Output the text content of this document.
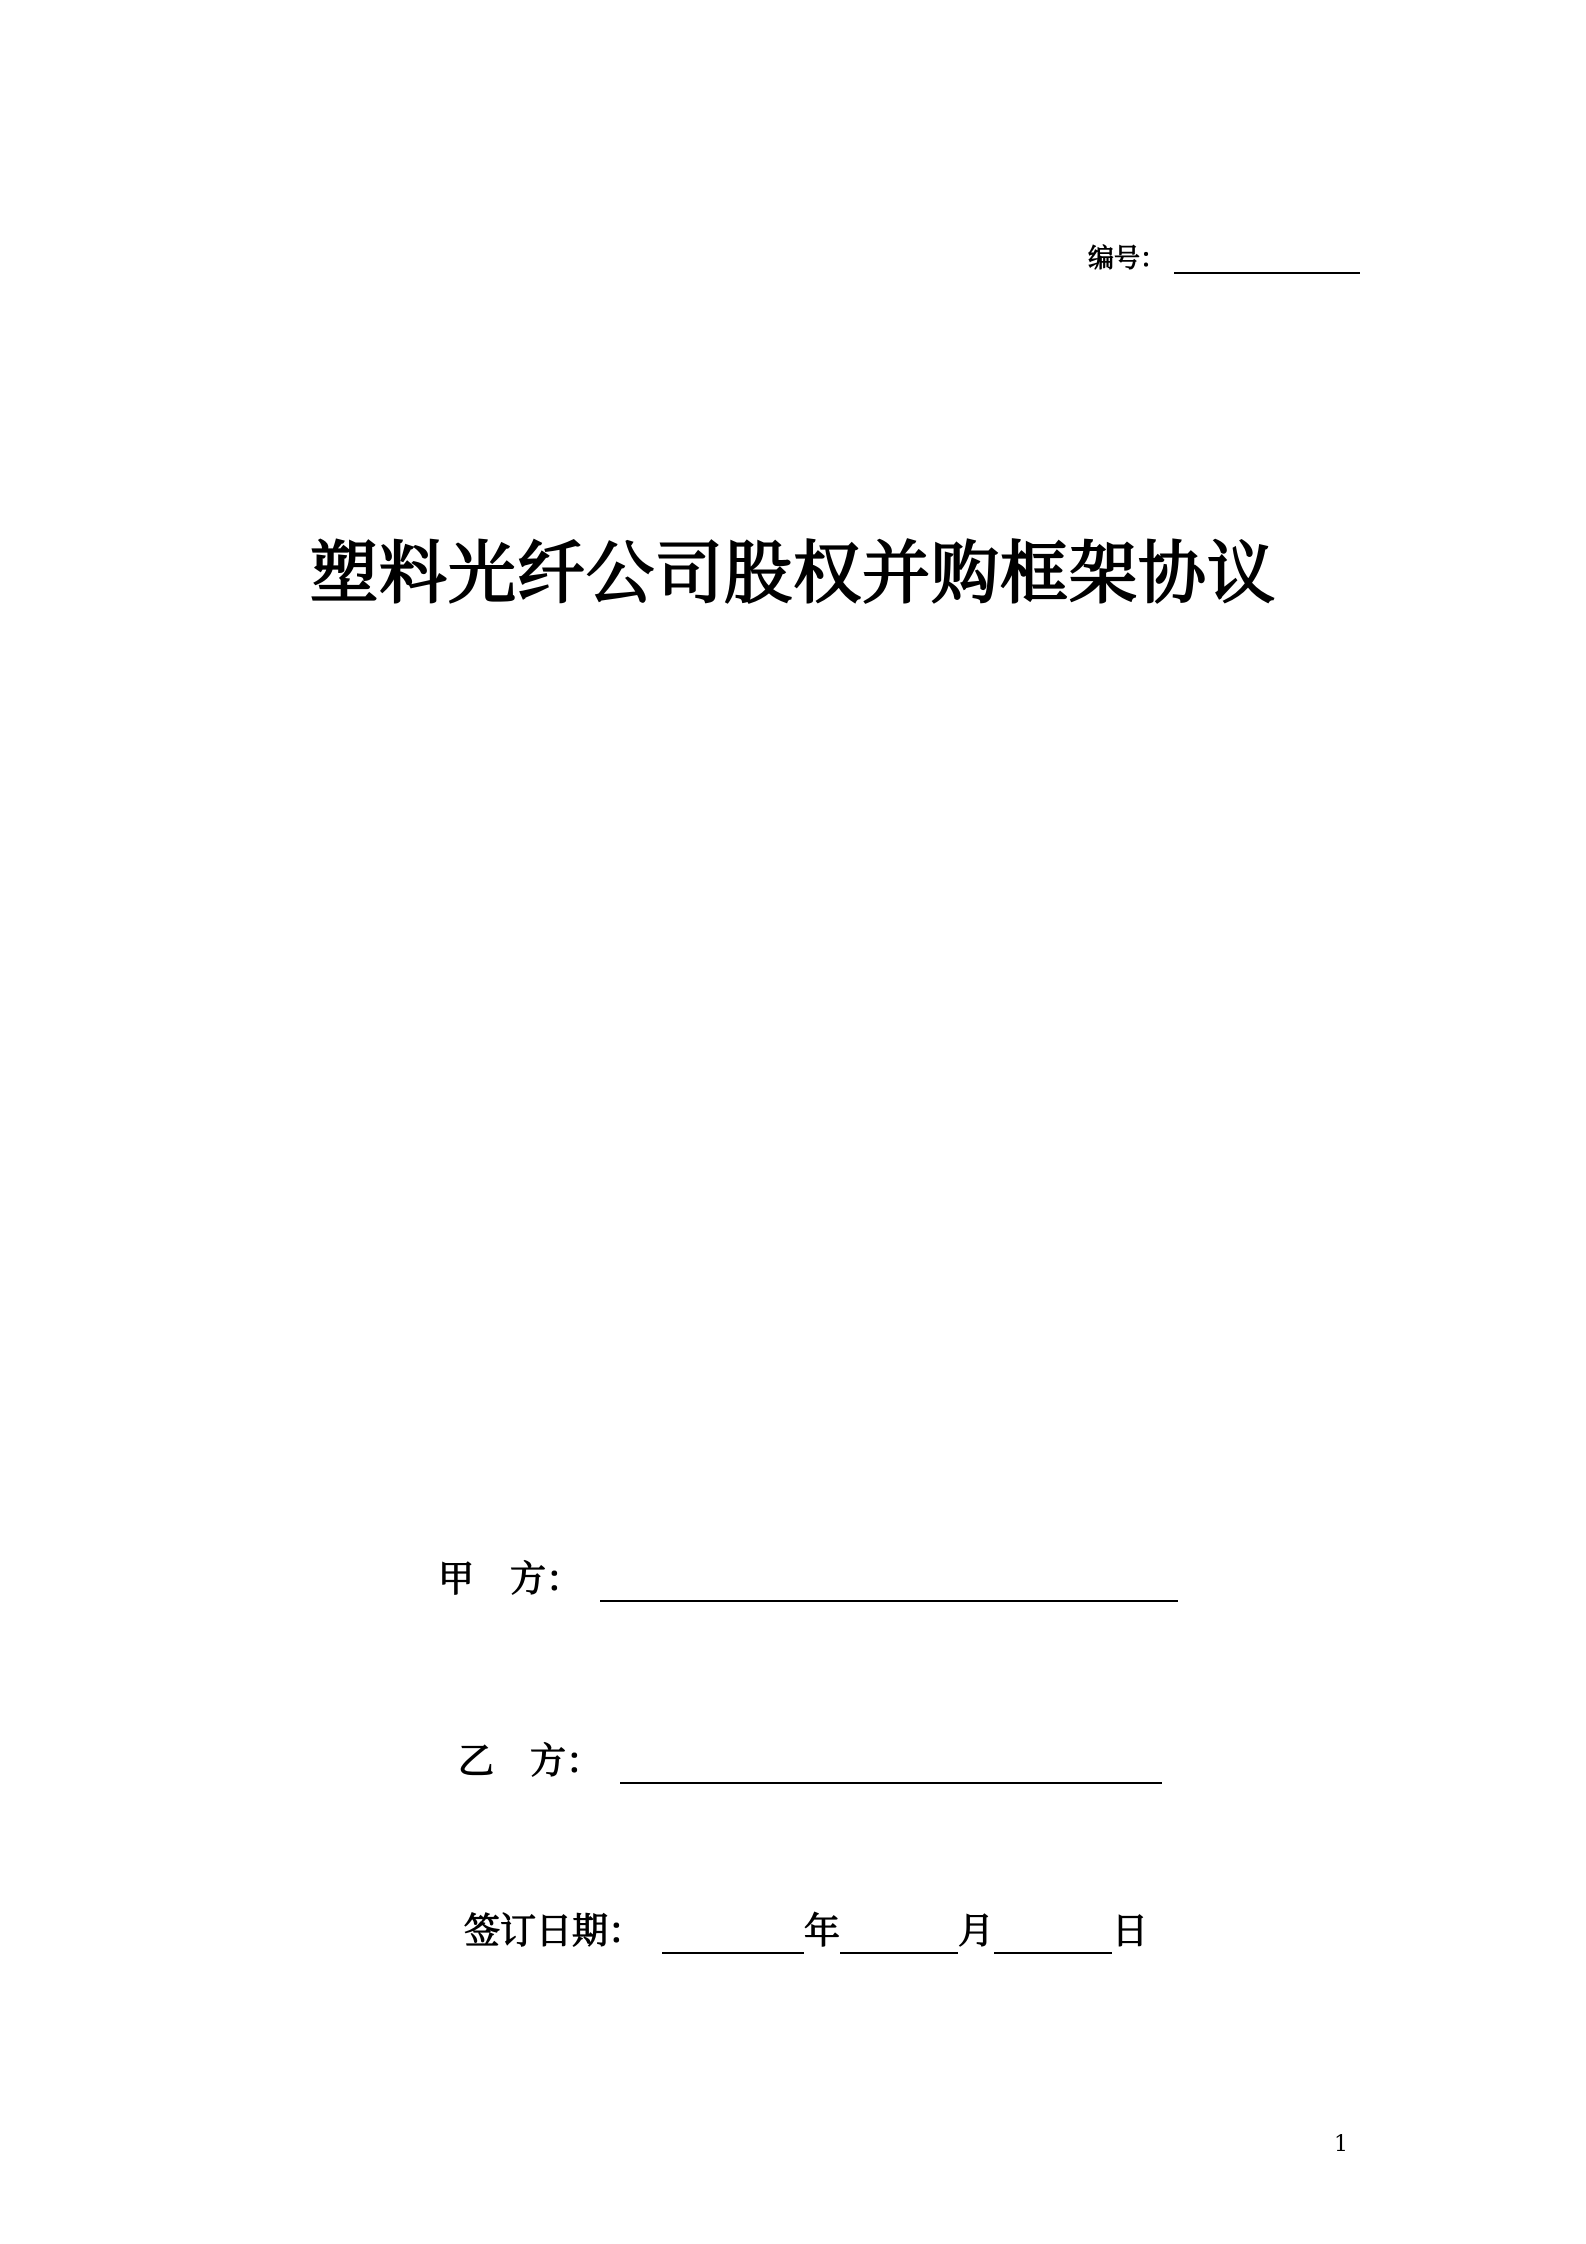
编号：
塑料光纤公司股权并购框架协议
甲 方：
乙 方：
签订日期：	年	月	日
1
